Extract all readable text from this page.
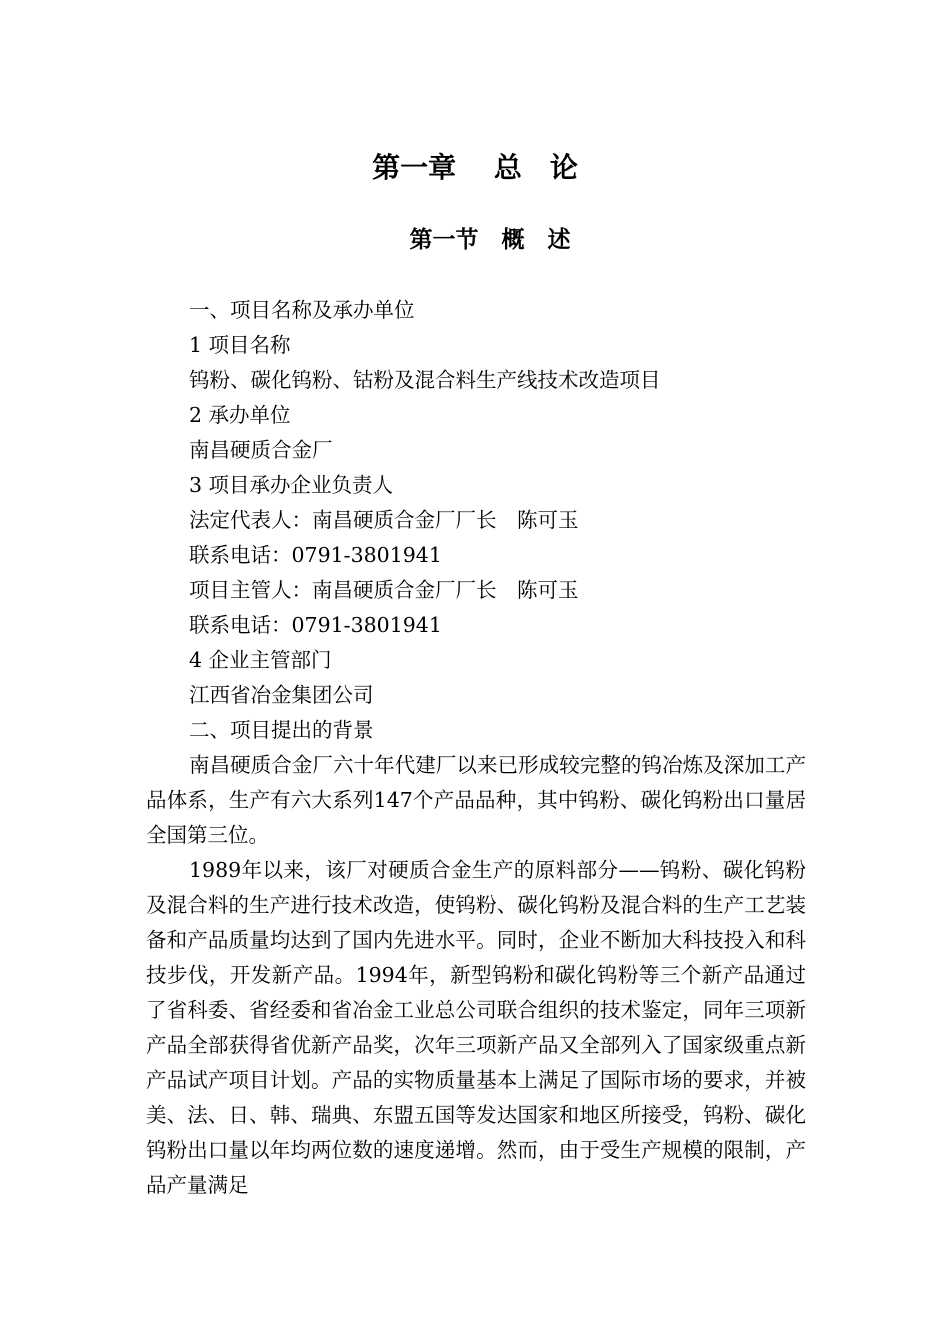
第一章　 总　论
第一节　概　述
一、项目名称及承办单位
1 项目名称
钨粉、碳化钨粉、钴粉及混合料生产线技术改造项目
2 承办单位
南昌硬质合金厂
3 项目承办企业负责人
法定代表人：南昌硬质合金厂厂长　陈可玉
联系电话：0791-3801941
项目主管人：南昌硬质合金厂厂长　陈可玉
联系电话：0791-3801941
4 企业主管部门
江西省冶金集团公司
二、项目提出的背景

南昌硬质合金厂六十年代建厂以来已形成较完整的钨冶炼及深加工产品体系，生产有六大系列147个产品品种，其中钨粉、碳化钨粉出口量居全国第三位。

1989年以来，该厂对硬质合金生产的原料部分——钨粉、碳化钨粉及混合料的生产进行技术改造，使钨粉、碳化钨粉及混合料的生产工艺装备和产品质量均达到了国内先进水平。同时，企业不断加大科技投入和科技步伐，开发新产品。1994年，新型钨粉和碳化钨粉等三个新产品通过了省科委、省经委和省冶金工业总公司联合组织的技术鉴定，同年三项新产品全部获得省优新产品奖，次年三项新产品又全部列入了国家级重点新产品试产项目计划。产品的实物质量基本上满足了国际市场的要求，并被美、法、日、韩、瑞典、东盟五国等发达国家和地区所接受，钨粉、碳化钨粉出口量以年均两位数的速度递增。然而，由于受生产规模的限制，产品产量满足
